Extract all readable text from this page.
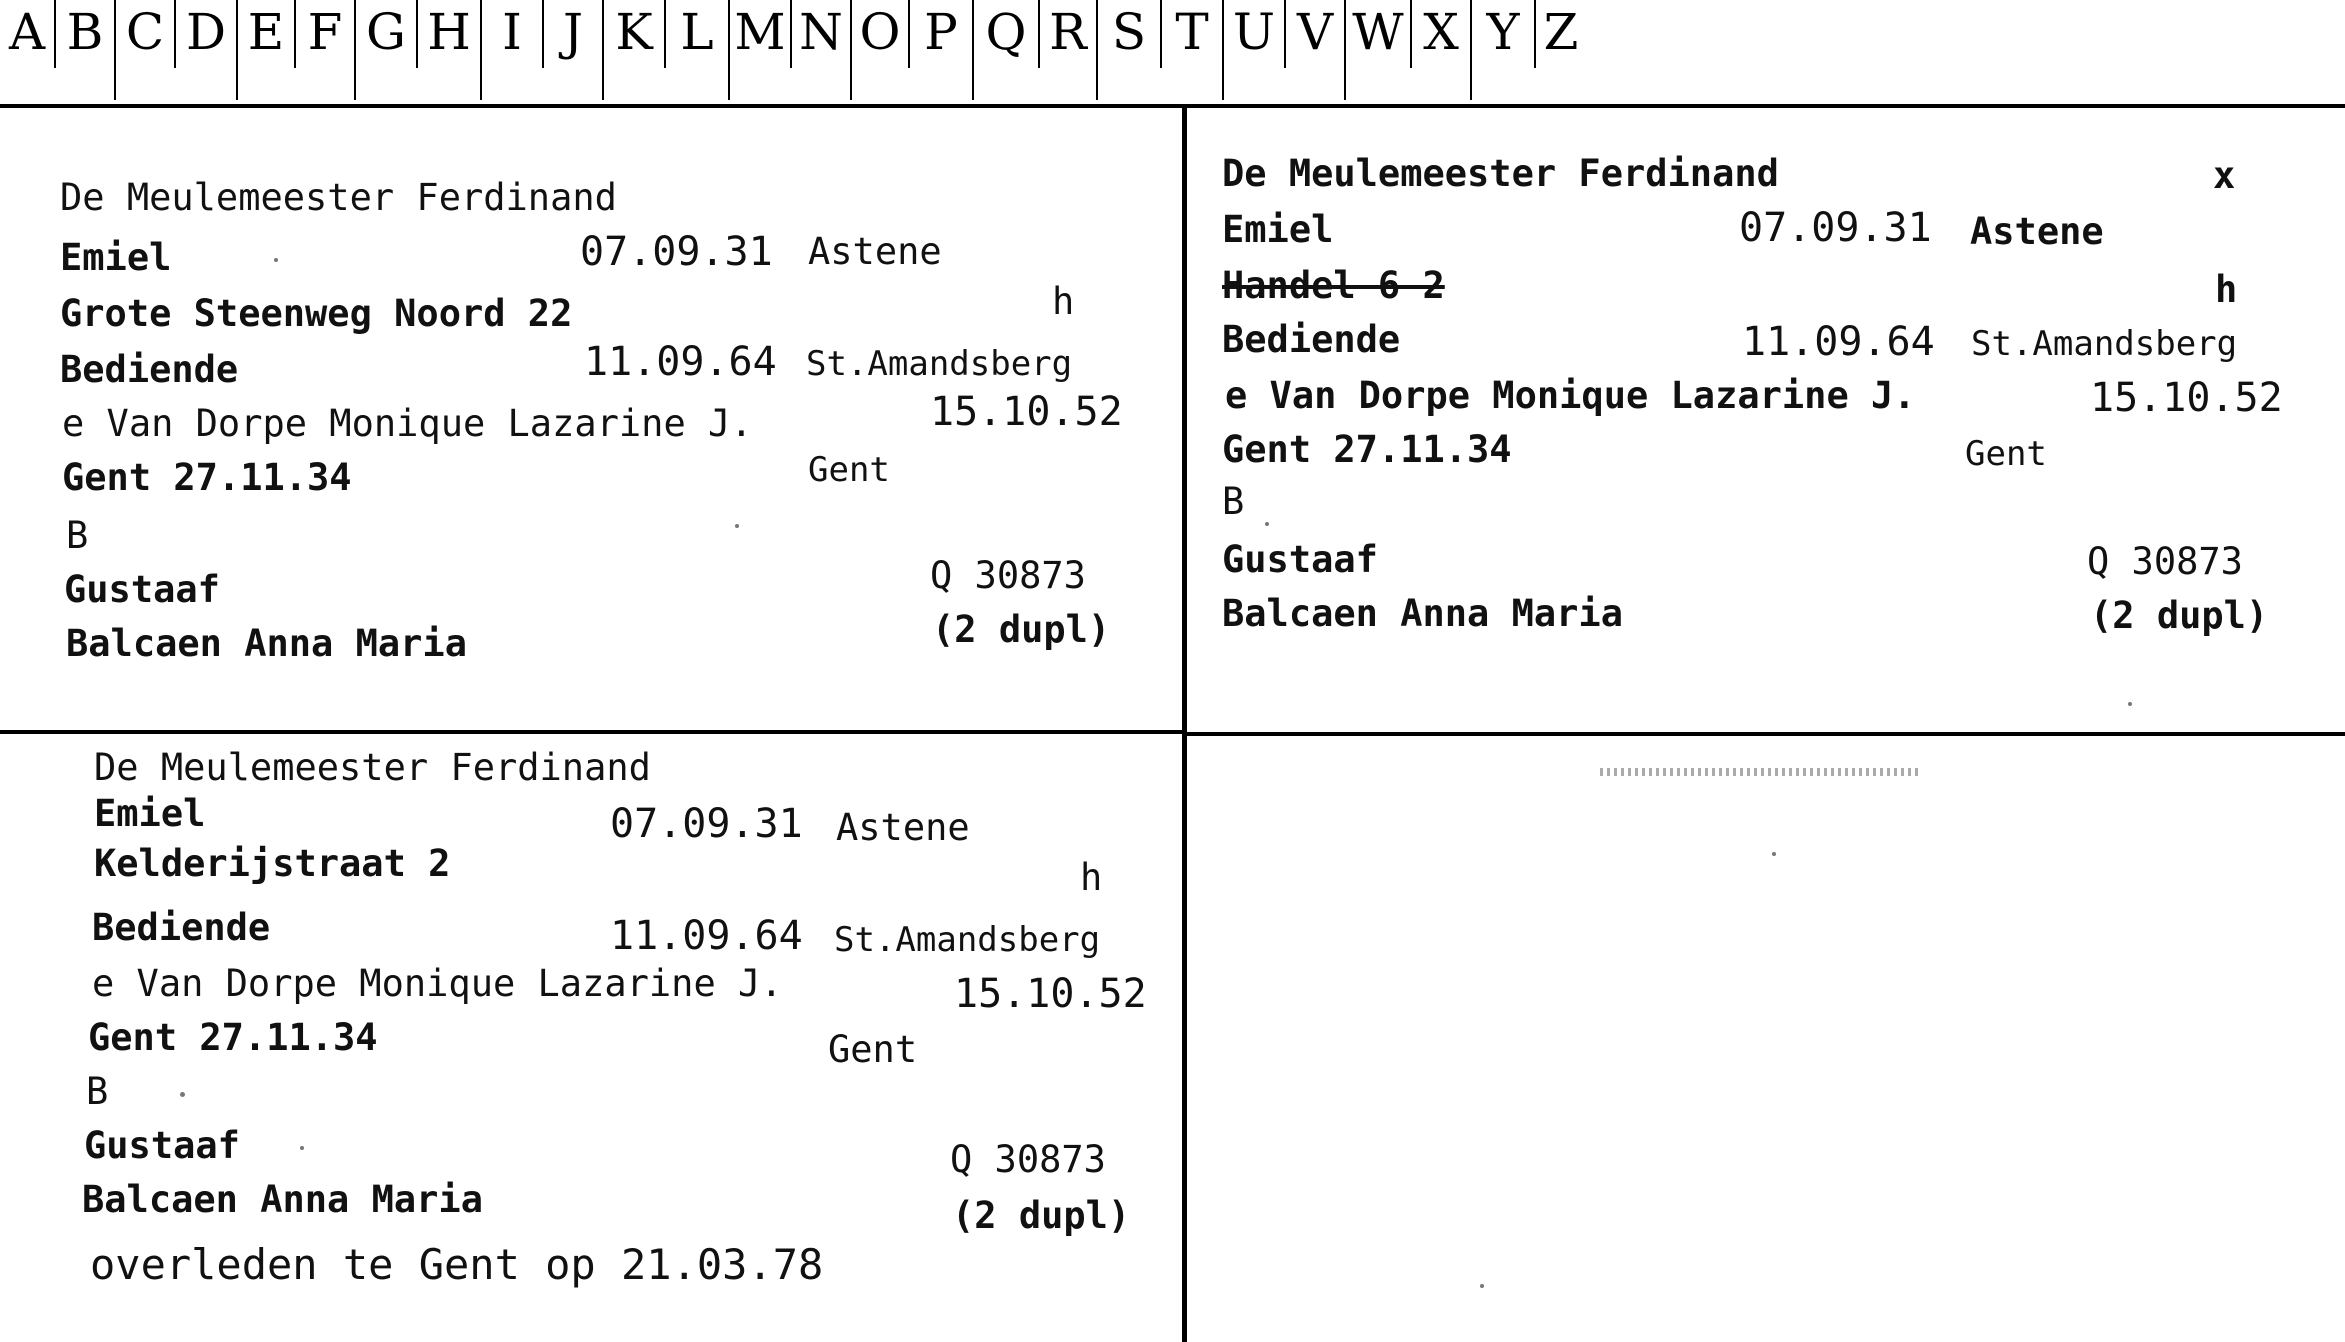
A B C D E F G H I J K L M N O P Q R S T U V W X Y Z
De Meulemeester Ferdinand
Emiel	07.09.31 Astene
Grote Steenweg Noord 22	h
Bediende	11.09.64 St.Amandsberg
e Van Dorpe Monique Lazarine J.	15.10.52
Gent 27.11.34	Gent
B
Gustaaf	Q 30873
Balcaen Anna Maria	(2 dupl)
De Meulemeester Ferdinand	x
Emiel	07.09.31 Astene
Handel 6 2	h
Bediende	11.09.64 St.Amandsberg
e Van Dorpe Monique Lazarine J.	15.10.52
Gent 27.11.34	Gent
B
Gustaaf	Q 30873
Balcaen Anna Maria	(2 dupl)
De Meulemeester Ferdinand
Emiel	07.09.31 Astene
Kelderijstraat 2	h
Bediende	11.09.64 St.Amandsberg
e Van Dorpe Monique Lazarine J.	15.10.52
Gent 27.11.34	Gent
B
Gustaaf	Q 30873
Balcaen Anna Maria	(2 dupl)
overleden te Gent op 21.03.78
